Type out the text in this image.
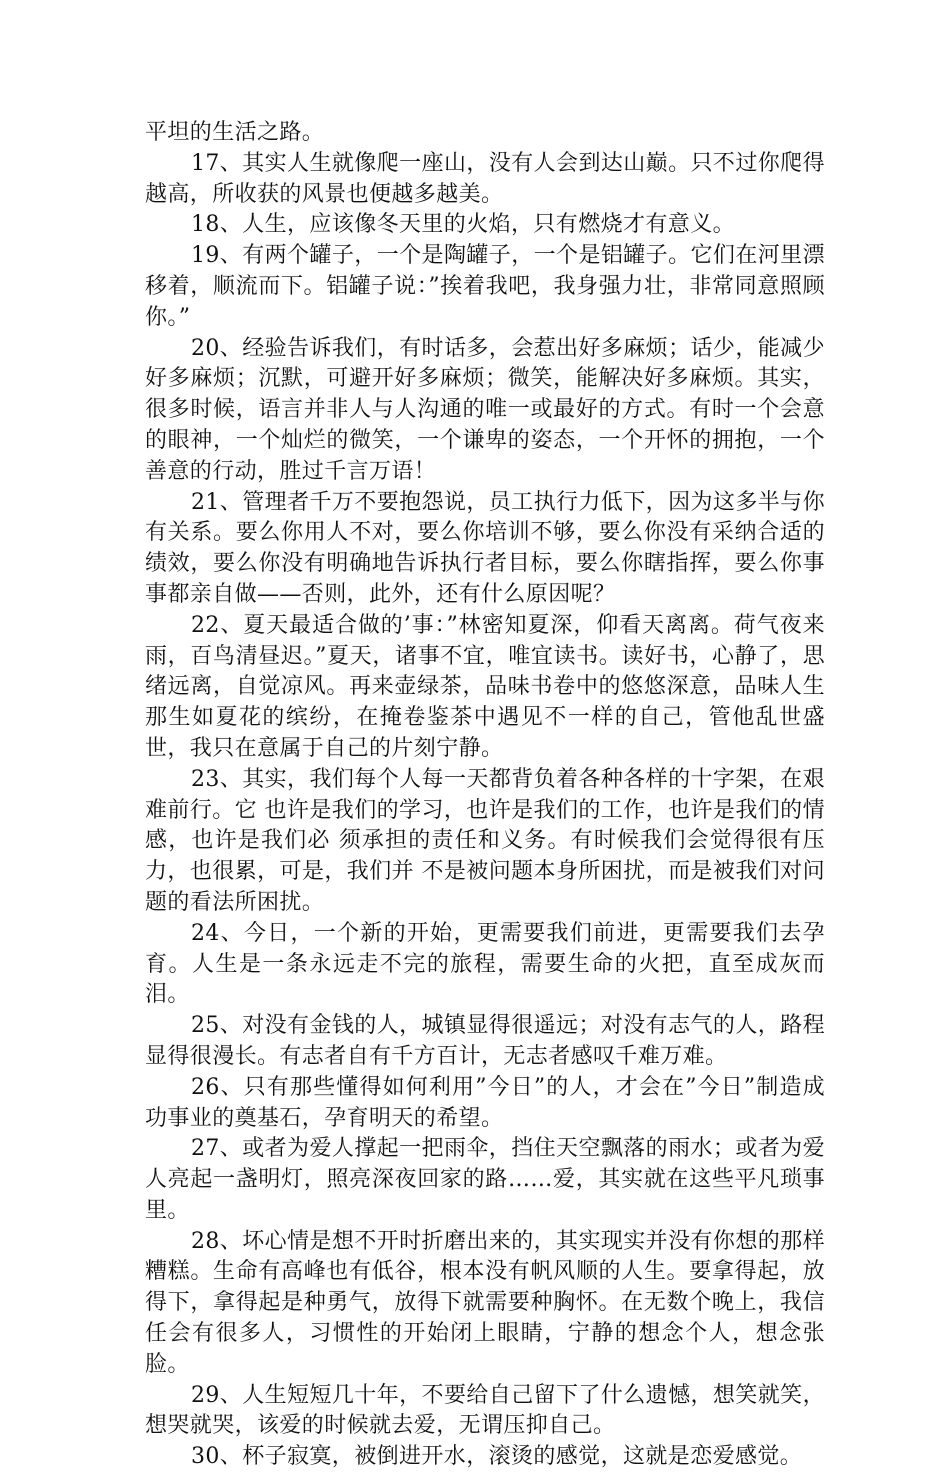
平坦的生活之路。

17、其实人生就像爬一座山，没有人会到达山巅。只不过你爬得越高，所收获的风景也便越多越美。

18、人生，应该像冬天里的火焰，只有燃烧才有意义。

19、有两个罐子，一个是陶罐子，一个是铝罐子。它们在河里漂移着，顺流而下。铝罐子说：”挨着我吧，我身强力壮，非常同意照顾你。”

20、经验告诉我们，有时话多，会惹出好多麻烦；话少，能减少好多麻烦；沉默，可避开好多麻烦；微笑，能解决好多麻烦。其实，很多时候，语言并非人与人沟通的唯一或最好的方式。有时一个会意的眼神，一个灿烂的微笑，一个谦卑的姿态，一个开怀的拥抱，一个善意的行动，胜过千言万语！

21、管理者千万不要抱怨说，员工执行力低下，因为这多半与你有关系。要么你用人不对，要么你培训不够，要么你没有采纳合适的绩效，要么你没有明确地告诉执行者目标，要么你瞎指挥，要么你事事都亲自做——否则，此外，还有什么原因呢？

22、夏天最适合做的’事：”林密知夏深，仰看天离离。荷气夜来雨，百鸟清昼迟。”夏天，诸事不宜，唯宜读书。读好书，心静了，思绪远离，自觉凉风。再来壶绿茶，品味书卷中的悠悠深意，品味人生那生如夏花的缤纷，在掩卷鉴茶中遇见不一样的自己，管他乱世盛世，我只在意属于自己的片刻宁静。

23、其实，我们每个人每一天都背负着各种各样的十字架，在艰难前行。它 也许是我们的学习，也许是我们的工作，也许是我们的情感，也许是我们必 须承担的责任和义务。有时候我们会觉得很有压力，也很累，可是，我们并 不是被问题本身所困扰，而是被我们对问题的看法所困扰。

24、今日，一个新的开始，更需要我们前进，更需要我们去孕育。人生是一条永远走不完的旅程，需要生命的火把，直至成灰而泪。

25、对没有金钱的人，城镇显得很遥远；对没有志气的人，路程显得很漫长。有志者自有千方百计，无志者感叹千难万难。

26、只有那些懂得如何利用”今日”的人，才会在”今日”制造成功事业的奠基石，孕育明天的希望。

27、或者为爱人撑起一把雨伞，挡住天空飘落的雨水；或者为爱人亮起一盏明灯，照亮深夜回家的路……爱，其实就在这些平凡琐事里。

28、坏心情是想不开时折磨出来的，其实现实并没有你想的那样糟糕。生命有高峰也有低谷，根本没有帆风顺的人生。要拿得起，放得下，拿得起是种勇气，放得下就需要种胸怀。在无数个晚上，我信任会有很多人，习惯性的开始闭上眼睛，宁静的想念个人，想念张脸。

29、人生短短几十年，不要给自己留下了什么遗憾，想笑就笑，想哭就哭，该爱的时候就去爱，无谓压抑自己。

30、杯子寂寞，被倒进开水，滚烫的感觉，这就是恋爱感觉。
